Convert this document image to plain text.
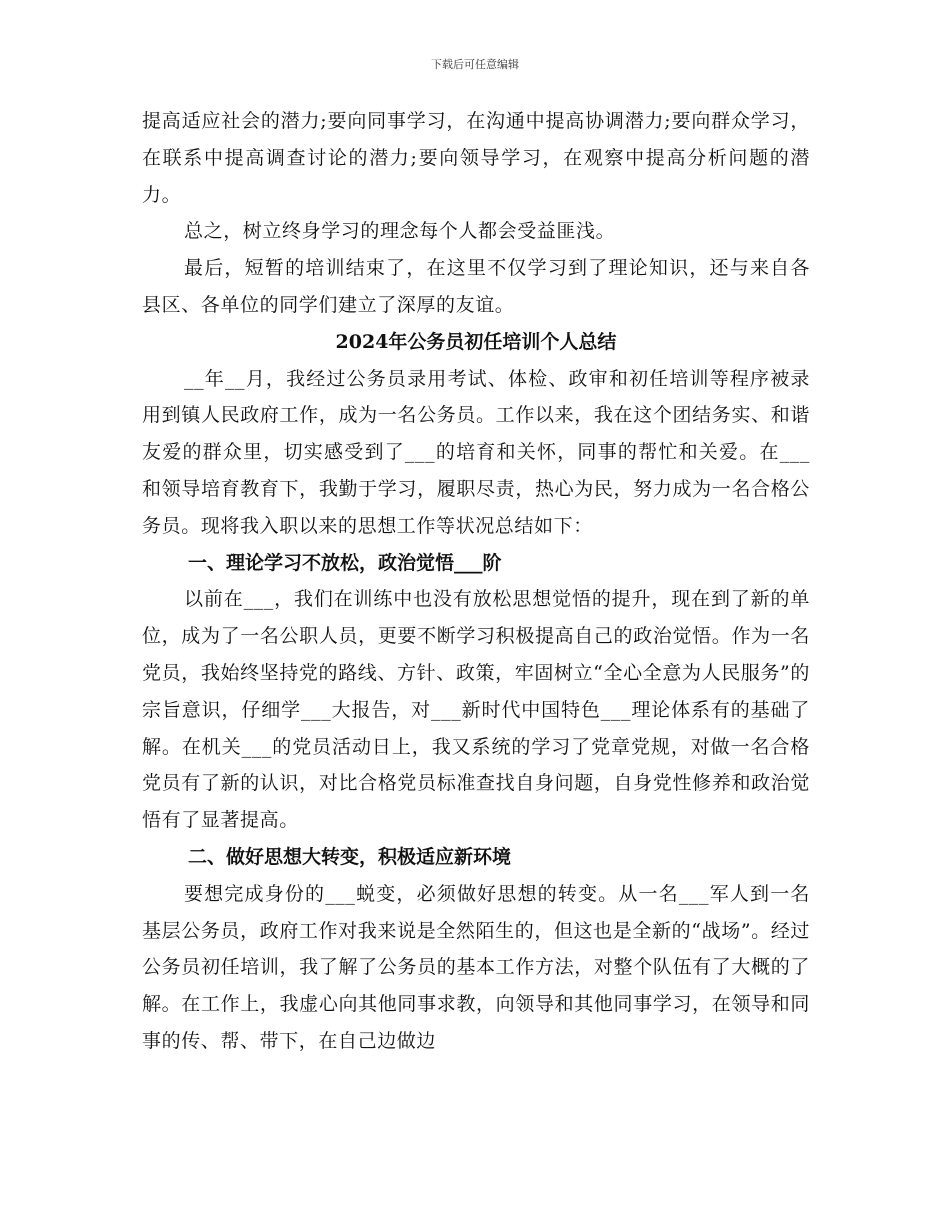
下载后可任意编辑

提高适应社会的潜力;要向同事学习，在沟通中提高协调潜力;要向群众学习，在联系中提高调查讨论的潜力;要向领导学习，在观察中提高分析问题的潜力。

总之，树立终身学习的理念每个人都会受益匪浅。

最后，短暂的培训结束了，在这里不仅学习到了理论知识，还与来自各县区、各单位的同学们建立了深厚的友谊。

2024年公务员初任培训个人总结

__年__月，我经过公务员录用考试、体检、政审和初任培训等程序被录用到镇人民政府工作，成为一名公务员。工作以来，我在这个团结务实、和谐友爱的群众里，切实感受到了___的培育和关怀，同事的帮忙和关爱。在___和领导培育教育下，我勤于学习，履职尽责，热心为民，努力成为一名合格公务员。现将我入职以来的思想工作等状况总结如下：

一、理论学习不放松，政治觉悟___阶

以前在___，我们在训练中也没有放松思想觉悟的提升，现在到了新的单位，成为了一名公职人员，更要不断学习积极提高自己的政治觉悟。作为一名党员，我始终坚持党的路线、方针、政策，牢固树立“全心全意为人民服务”的宗旨意识，仔细学___大报告，对___新时代中国特色___理论体系有的基础了解。在机关___的党员活动日上，我又系统的学习了党章党规，对做一名合格党员有了新的认识，对比合格党员标准查找自身问题，自身党性修养和政治觉悟有了显著提高。

二、做好思想大转变，积极适应新环境

要想完成身份的___蜕变，必须做好思想的转变。从一名___军人到一名基层公务员，政府工作对我来说是全然陌生的，但这也是全新的“战场”。经过公务员初任培训，我了解了公务员的基本工作方法，对整个队伍有了大概的了解。在工作上，我虚心向其他同事求教，向领导和其他同事学习，在领导和同事的传、帮、带下，在自己边做边
